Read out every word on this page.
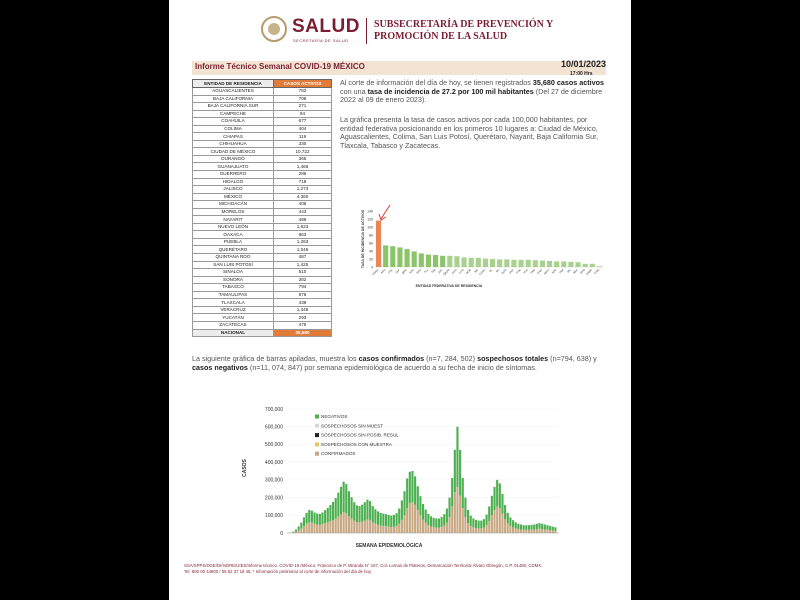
SALUD
SECRETARÍA DE SALUD
SUBSECRETARÍA DE PREVENCIÓN Y
PROMOCIÓN DE LA SALUD
Informe Técnico Semanal COVID-19 MÉXICO	10/01/2023
17:00 Hrs
ENTIDAD DE RESIDENCIA	CASOS ACTIVOS
AGUASCALIENTES	782
BAJA CALIFORNIA	708
BAJA CALIFORNIA SUR	271
CAMPECHE	84
COAHUILA	677
COLIMA	404
CHIAPAS	119
CHIHUAHUA	330
CIUDAD DE MÉXICO	10,722
DURANGO	365
GUANAJUATO	1,466
GUERRERO	286
HIDALGO	718
JALISCO	1,273
MÉXICO	4,360
MICHOACÁN	406
MORELOS	443
NAYARIT	489
NUEVO LEÓN	1,623
OAXACA	863
PUEBLA	1,263
QUERÉTARO	1,046
QUINTANA ROO	487
SAN LUIS POTOSÍ	1,425
SINALOA	510
SONORA	382
TABASCO	794
TAMAULIPAS	676
TLAXCALA	439
VERACRUZ	1,448
YUCATÁN	293
ZACATECAS	475
NACIONAL	35,680
Al corte de información del día de hoy, se tienen registrados 35,680 casos activos con una tasa de incidencia de 27.2 por 100 mil habitantes (Del 27 de diciembre 2022 al 09 de enero 2023).
La gráfica presenta la tasa de casos activos por cada 100,000 habitantes, por entidad federativa posicionando en los primeros 10 lugares a: Ciudad de México, Aguascalientes, Colima, San Luis Potosí, Querétaro, Nayarit, Baja California Sur, Tlaxcala, Tabasco y Zacatecas.
140
120
100
80
60
40
20
0
TASA DE INCIDENCIA DE ACTIVOS
CDMX AGS COL SLP QRO NAY BCS TLX TAB ZAC QROO HGO GTO MOR SIN COAH NL BC DGO OAX PUE YUC VER CHIH MICH SON TAM JAL MEX GRO CAMP CHIS
ENTIDAD FEDERATIVA DE RESIDENCIA
La siguiente gráfica de barras apiladas, muestra los casos confirmados (n=7, 284, 502) sospechosos totales (n=794, 638) y casos negativos (n=11, 074, 847) por semana epidemiológica de acuerdo a su fecha de inicio de síntomas.
700,000
600,000
500,000
400,000
300,000
200,000
100,000
0
CASOS
NEGATIVOS
SOSPECHOSOS SIN MUEST
SOSPECHOSOS SIN POSIB. RESUL
SOSPECHOSOS CON MUESTRA
CONFIRMADOS
SEMANA EPIDEMIOLÓGICA
SSA/SPPS/DGE/DI/InDRE/UIES/Informe técnico. COVID-19 /México. Francisco de P. Miranda N° 157, Col. Lomas de Plateros, Demarcación Territorial Álvaro Obregón, C.P. 01480, CDMX.
Tel. 800 00 44800 / 55 52 37 18 45. * Información preliminar al corte de información del día de hoy.
